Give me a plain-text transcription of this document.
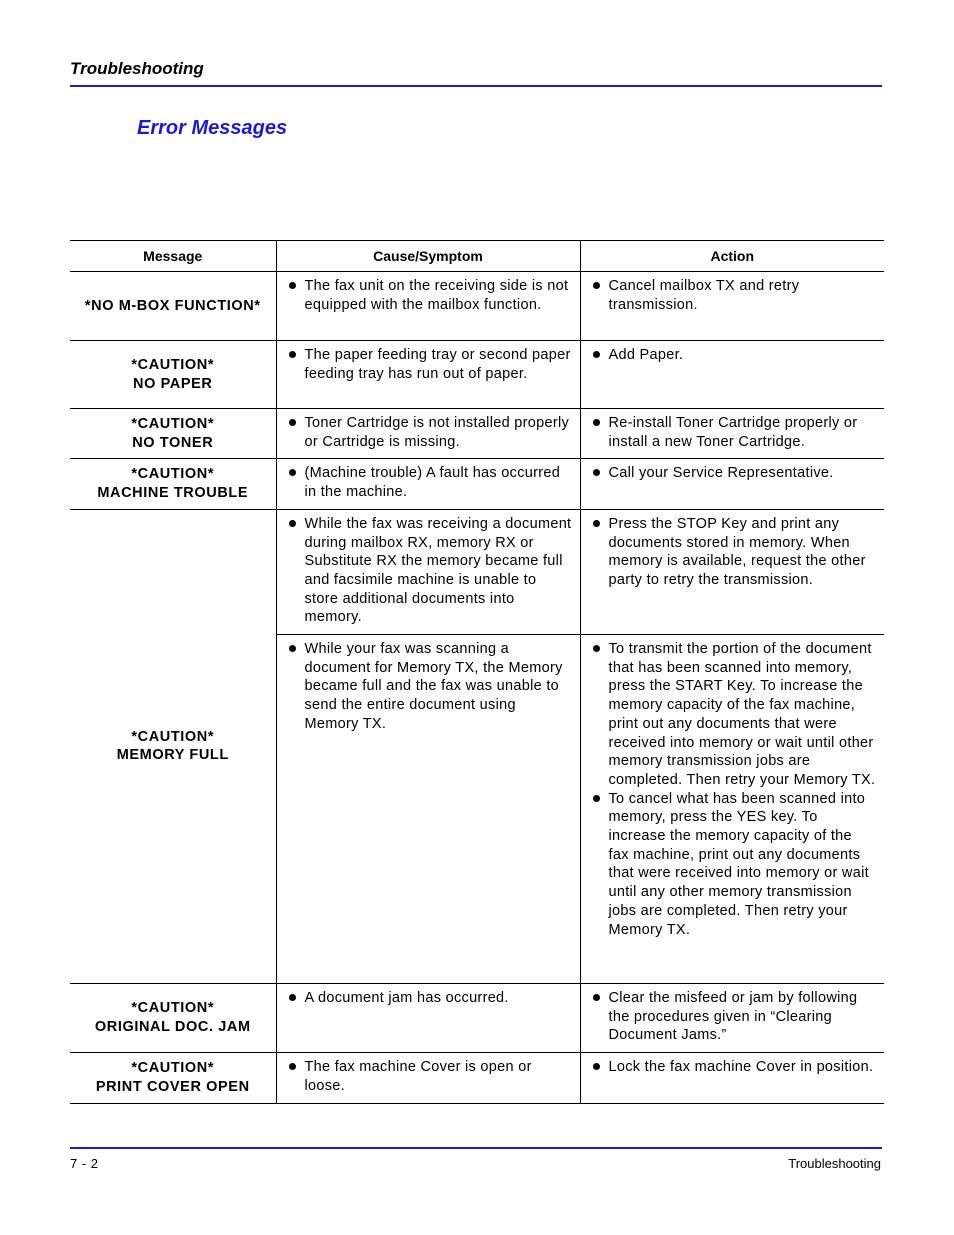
Troubleshooting
Error Messages
Message	Cause/Symptom	Action

*NO M-BOX FUNCTION*	The fax unit on the receiving side is not equipped with the mailbox function.	Cancel mailbox TX and retry transmission.

*CAUTION*
NO PAPER	The paper feeding tray or second paper feeding tray has run out of paper.	Add Paper.

*CAUTION*
NO TONER	Toner Cartridge is not installed properly or Cartridge is missing.	Re-install Toner Cartridge properly or install a new Toner Cartridge.

*CAUTION*
MACHINE TROUBLE	(Machine trouble) A fault has occurred in the machine.	Call your Service Representative.

*CAUTION*
MEMORY FULL	While the fax was receiving a document during mailbox RX, memory RX or Substitute RX the memory became full and facsimile machine is unable to store additional documents into memory.	Press the STOP Key and print any documents stored in memory. When memory is available, request the other party to retry the transmission.

	While your fax was scanning a document for Memory TX, the Memory became full and the fax was unable to send the entire document using Memory TX.	To transmit the portion of the document that has been scanned into memory, press the START Key. To increase the memory capacity of the fax machine, print out any documents that were received into memory or wait until other memory transmission jobs are completed. Then retry your Memory TX.
To cancel what has been scanned into memory, press the YES key. To increase the memory capacity of the fax machine, print out any documents that were received into memory or wait until any other memory transmission jobs are completed. Then retry your Memory TX.

*CAUTION*
ORIGINAL DOC. JAM	A document jam has occurred.	Clear the misfeed or jam by following the procedures given in “Clearing Document Jams.”

*CAUTION*
PRINT COVER OPEN	The fax machine Cover is open or loose.	Lock the fax machine Cover in position.
7 - 2	Troubleshooting
